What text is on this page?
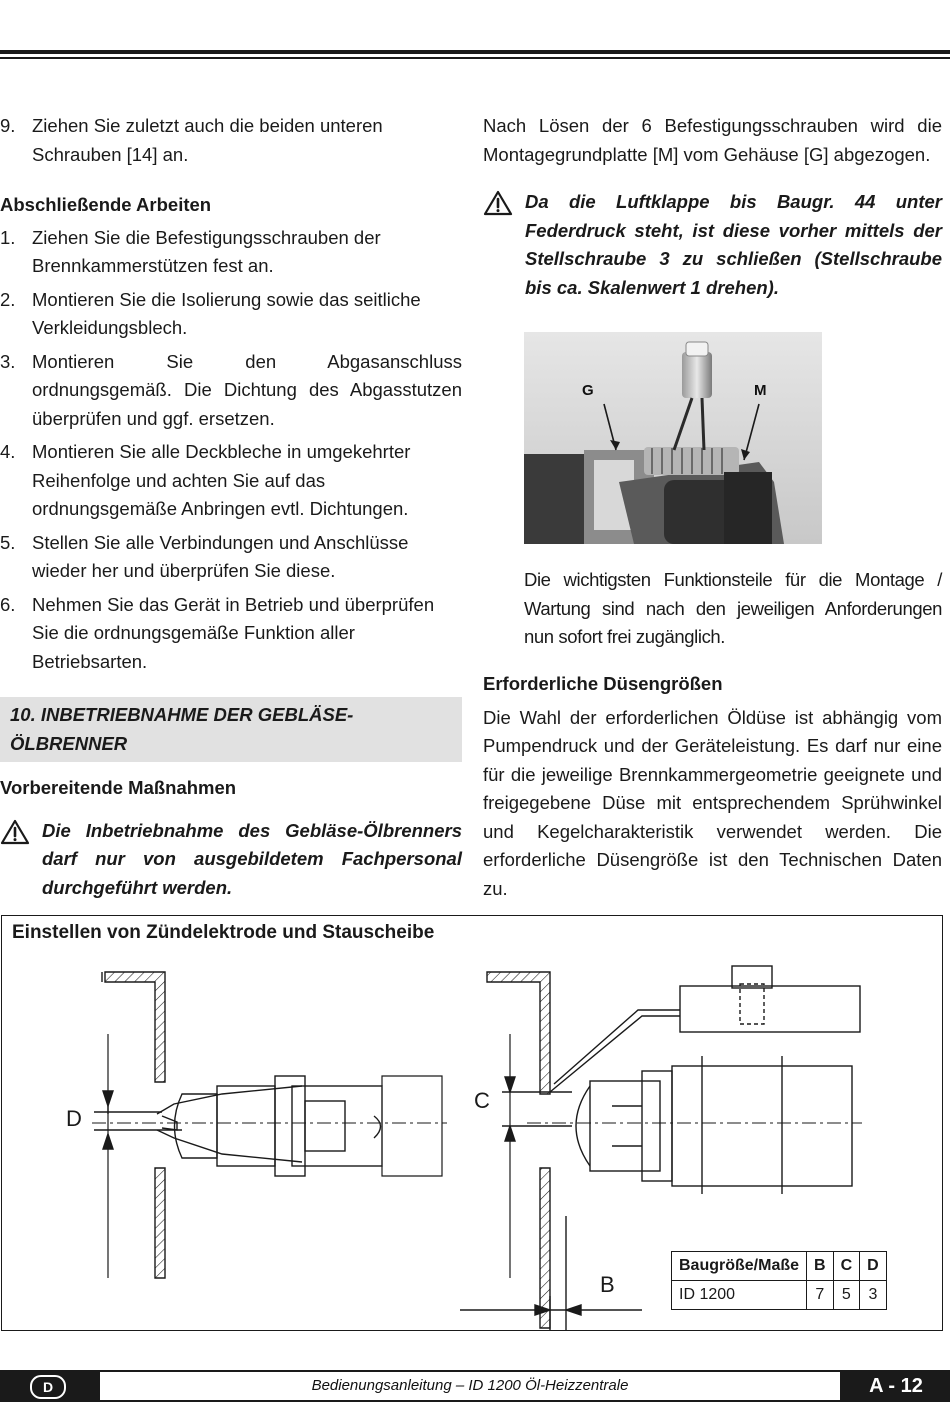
9. Ziehen Sie zuletzt auch die beiden unteren Schrauben [14] an.

Abschließende Arbeiten

1. Ziehen Sie die Befestigungsschrauben der Brennkammerstützen fest an.
2. Montieren Sie die Isolierung sowie das seitliche Verkleidungsblech.
3. Montieren Sie den Abgasanschluss ordnungsgemäß. Die Dichtung des Abgasstutzen überprüfen und ggf. ersetzen.
4. Montieren Sie alle Deckbleche in umgekehrter Reihenfolge und achten Sie auf das ordnungsgemäße Anbringen evtl. Dichtungen.
5. Stellen Sie alle Verbindungen und Anschlüsse wieder her und überprüfen Sie diese.
6. Nehmen Sie das Gerät in Betrieb und überprüfen Sie die ordnungsgemäße Funktion aller Betriebsarten.

10. INBETRIEBNAHME DER GEBLÄSE-ÖLBRENNER

Vorbereitende Maßnahmen

Die Inbetriebnahme des Gebläse-Ölbrenners darf nur von ausgebildetem Fachpersonal durchgeführt werden.

Nach Lösen der 6 Befestigungsschrauben wird die Montagegrundplatte [M] vom Gehäuse [G] abgezogen.

Da die Luftklappe bis Baugr. 44 unter Federdruck steht, ist diese vorher mittels der Stellschraube 3 zu schließen (Stellschraube bis ca. Skalenwert 1 drehen).
G	M
Die wichtigsten Funktionsteile für die Montage / Wartung sind nach den jeweiligen Anforderungen nun sofort frei zugänglich.

Erforderliche Düsengrößen

Die Wahl der erforderlichen Öldüse ist abhängig vom Pumpendruck und der Geräteleistung. Es darf nur eine für die jeweilige Brennkammergeometrie geeignete und freigegebene Düse mit entsprechendem Sprühwinkel und Kegelcharakteristik verwendet werden. Die erforderliche Düsengröße ist den Technischen Daten zu.

Einstellen von Zündelektrode und Stauscheibe
D
C
B
Baugröße/Maße	B	C	D
ID 1200	7	5	3
D	Bedienungsanleitung – ID 1200 Öl-Heizzentrale	A - 12
